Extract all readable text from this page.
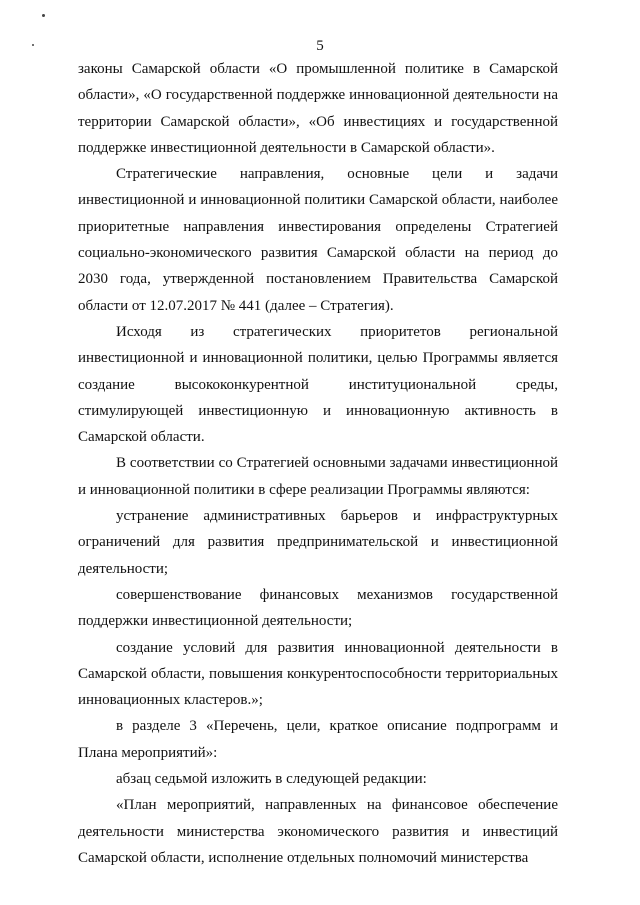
5

законы Самарской области «О промышленной политике в Самарской области», «О государственной поддержке инновационной деятельности на территории Самарской области», «Об инвестициях и государственной поддержке инвестиционной деятельности в Самарской области».

Стратегические направления, основные цели и задачи инвестиционной и инновационной политики Самарской области, наиболее приоритетные направления инвестирования определены Стратегией социально-экономического развития Самарской области на период до 2030 года, утвержденной постановлением Правительства Самарской области от 12.07.2017 № 441 (далее – Стратегия).

Исходя из стратегических приоритетов региональной инвестиционной и инновационной политики, целью Программы является создание высококонкурентной институциональной среды, стимулирующей инвестиционную и инновационную активность в Самарской области.

В соответствии со Стратегией основными задачами инвестиционной и инновационной политики в сфере реализации Программы являются:

устранение административных барьеров и инфраструктурных ограничений для развития предпринимательской и инвестиционной деятельности;

совершенствование финансовых механизмов государственной поддержки инвестиционной деятельности;

создание условий для развития инновационной деятельности в Самарской области, повышения конкурентоспособности территориальных инновационных кластеров.»;

в разделе 3 «Перечень, цели, краткое описание подпрограмм и Плана мероприятий»:

абзац седьмой изложить в следующей редакции:

«План мероприятий, направленных на финансовое обеспечение деятельности министерства экономического развития и инвестиций Самарской области, исполнение отдельных полномочий министерства
